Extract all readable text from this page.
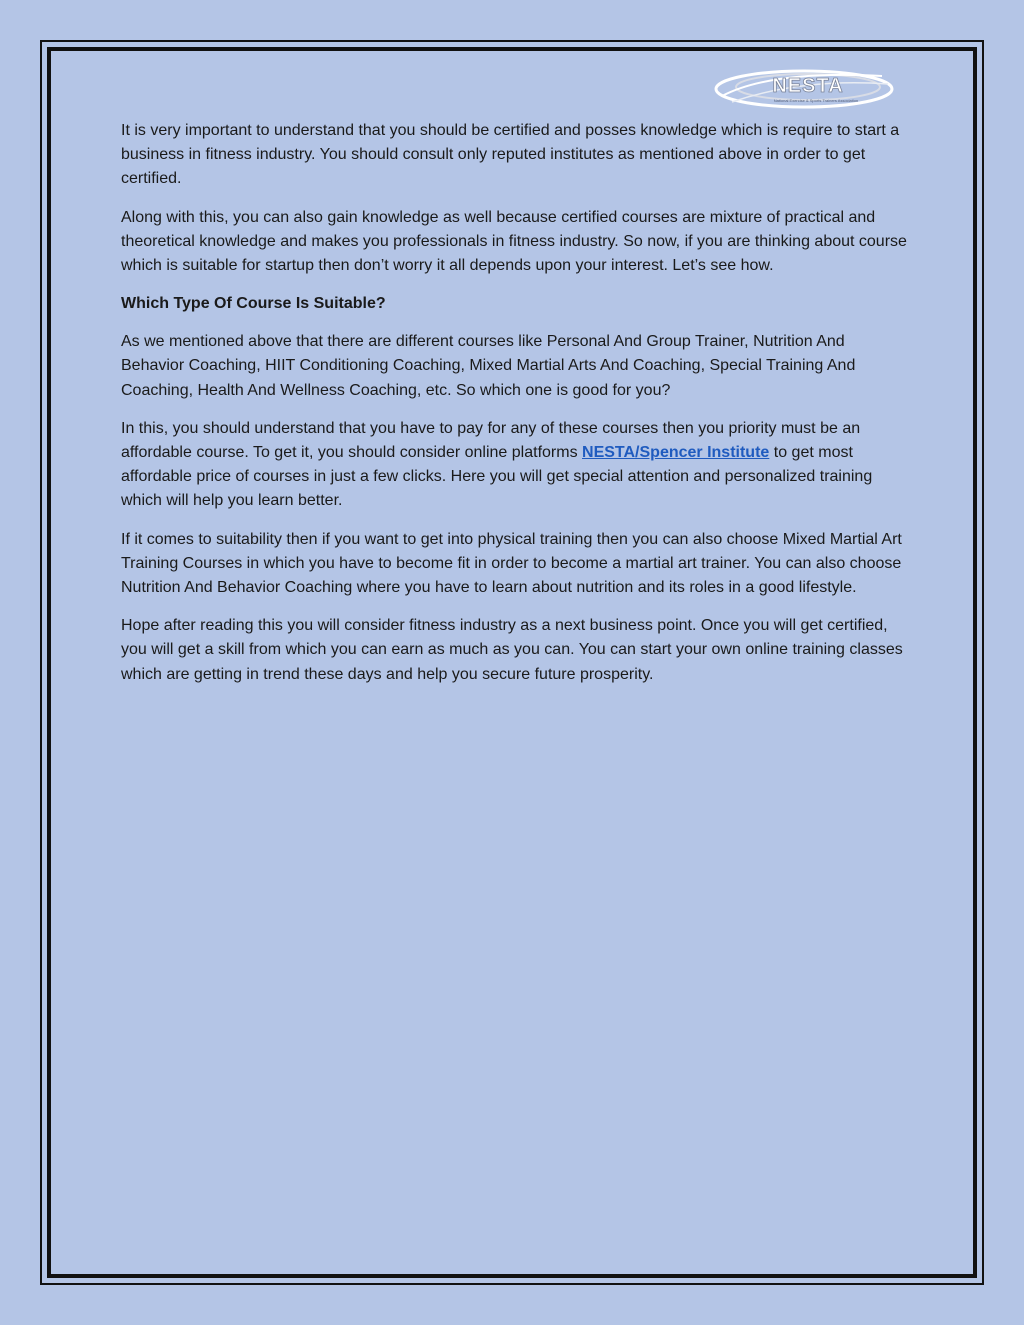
NESTA
National Exercise & Sports Trainers Association

It is very important to understand that you should be certified and posses knowledge which is require to start a business in fitness industry. You should consult only reputed institutes as mentioned above in order to get certified.

Along with this, you can also gain knowledge as well because certified courses are mixture of practical and theoretical knowledge and makes you professionals in fitness industry. So now, if you are thinking about course which is suitable for startup then don’t worry it all depends upon your interest. Let’s see how.

Which Type Of Course Is Suitable?

As we mentioned above that there are different courses like Personal And Group Trainer, Nutrition And Behavior Coaching, HIIT Conditioning Coaching, Mixed Martial Arts And Coaching, Special Training And Coaching, Health And Wellness Coaching, etc. So which one is good for you?

In this, you should understand that you have to pay for any of these courses then you priority must be an affordable course. To get it, you should consider online platforms NESTA/Spencer Institute to get most affordable price of courses in just a few clicks. Here you will get special attention and personalized training which will help you learn better.

If it comes to suitability then if you want to get into physical training then you can also choose Mixed Martial Art Training Courses in which you have to become fit in order to become a martial art trainer. You can also choose Nutrition And Behavior Coaching where you have to learn about nutrition and its roles in a good lifestyle.

Hope after reading this you will consider fitness industry as a next business point. Once you will get certified, you will get a skill from which you can earn as much as you can. You can start your own online training classes which are getting in trend these days and help you secure future prosperity.
